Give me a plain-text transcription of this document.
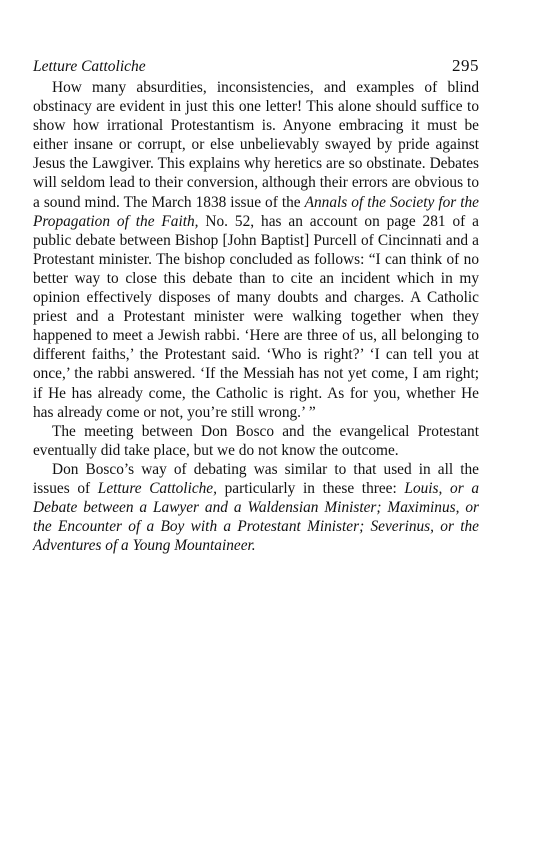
Letture Cattoliche	295

How many absurdities, inconsistencies, and examples of blind obstinacy are evident in just this one letter! This alone should suffice to show how irrational Protestantism is. Anyone embracing it must be either insane or corrupt, or else unbelievably swayed by pride against Jesus the Lawgiver. This explains why heretics are so obstinate. Debates will seldom lead to their conversion, although their errors are obvious to a sound mind. The March 1838 issue of the Annals of the Society for the Propagation of the Faith, No. 52, has an account on page 281 of a public debate between Bishop [John Baptist] Purcell of Cincinnati and a Protestant minister. The bishop concluded as follows: “I can think of no better way to close this debate than to cite an incident which in my opinion effectively disposes of many doubts and charges. A Catholic priest and a Protestant minister were walking together when they happened to meet a Jewish rabbi. ‘Here are three of us, all belonging to different faiths,’ the Protestant said. ‘Who is right?’ ‘I can tell you at once,’ the rabbi answered. ‘If the Messiah has not yet come, I am right; if He has already come, the Catholic is right. As for you, whether He has already come or not, you’re still wrong.’ ”

The meeting between Don Bosco and the evangelical Protestant eventually did take place, but we do not know the outcome.

Don Bosco’s way of debating was similar to that used in all the issues of Letture Cattoliche, particularly in these three: Louis, or a Debate between a Lawyer and a Waldensian Minister; Maximinus, or the Encounter of a Boy with a Protestant Minister; Severinus, or the Adventures of a Young Mountaineer.
